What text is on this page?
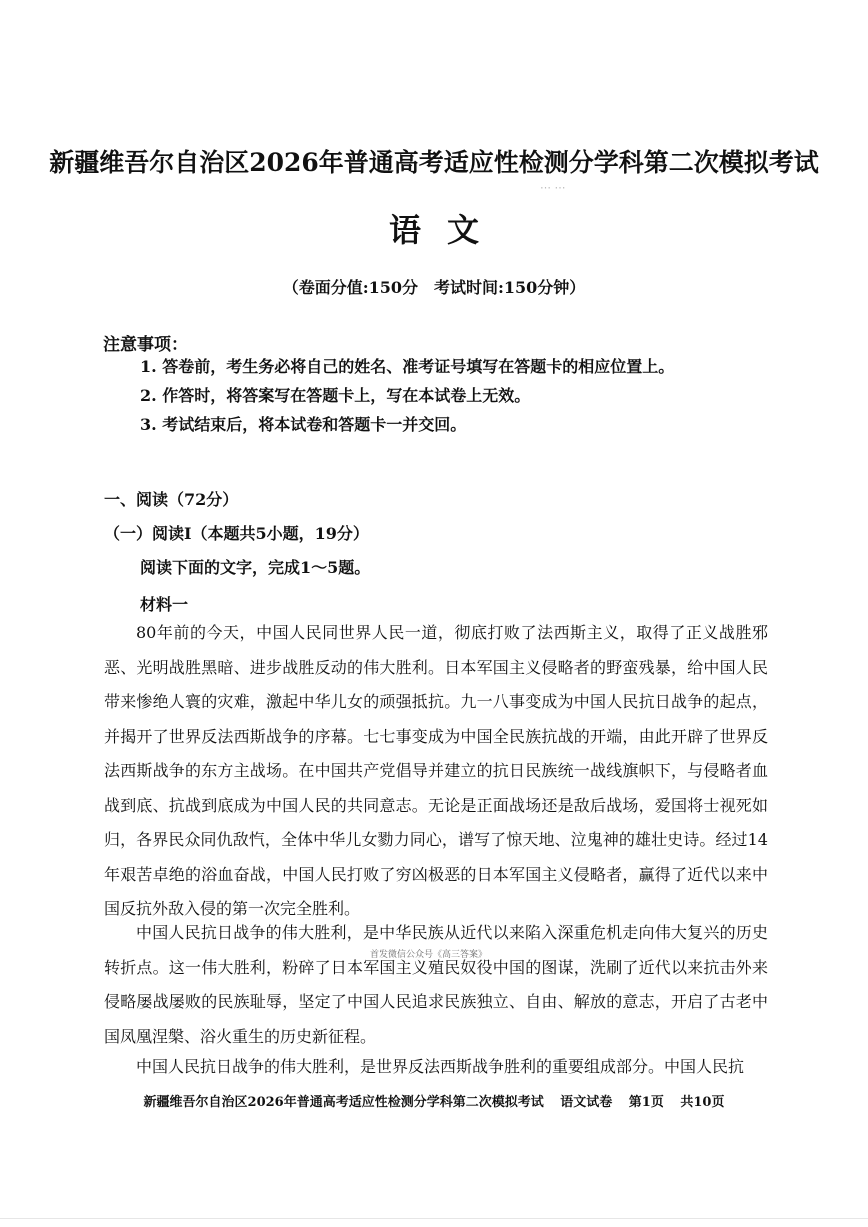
新疆维吾尔自治区2026年普通高考适应性检测分学科第二次模拟考试
⋯ ⋯
语文
（卷面分值:150分　考试时间:150分钟）
注意事项：
1. 答卷前，考生务必将自己的姓名、准考证号填写在答题卡的相应位置上。
2. 作答时，将答案写在答题卡上，写在本试卷上无效。
3. 考试结束后，将本试卷和答题卡一并交回。
一、阅读（72分）
（一）阅读Ⅰ（本题共5小题，19分）
阅读下面的文字，完成1～5题。
材料一
80年前的今天，中国人民同世界人民一道，彻底打败了法西斯主义，取得了正义战胜邪恶、光明战胜黑暗、进步战胜反动的伟大胜利。日本军国主义侵略者的野蛮残暴，给中国人民带来惨绝人寰的灾难，激起中华儿女的顽强抵抗。九一八事变成为中国人民抗日战争的起点，并揭开了世界反法西斯战争的序幕。七七事变成为中国全民族抗战的开端，由此开辟了世界反法西斯战争的东方主战场。在中国共产党倡导并建立的抗日民族统一战线旗帜下，与侵略者血战到底、抗战到底成为中国人民的共同意志。无论是正面战场还是敌后战场，爱国将士视死如归，各界民众同仇敌忾，全体中华儿女勠力同心，谱写了惊天地、泣鬼神的雄壮史诗。经过14年艰苦卓绝的浴血奋战，中国人民打败了穷凶极恶的日本军国主义侵略者，赢得了近代以来中国反抗外敌入侵的第一次完全胜利。
中国人民抗日战争的伟大胜利，是中华民族从近代以来陷入深重危机走向伟大复兴的历史转折点。这一伟大胜利，粉碎了日本军国主义殖民奴役中国的图谋，洗刷了近代以来抗击外来侵略屡战屡败的民族耻辱，坚定了中国人民追求民族独立、自由、解放的意志，开启了古老中国凤凰涅槃、浴火重生的历史新征程。
首发微信公众号《高三答案》
中国人民抗日战争的伟大胜利，是世界反法西斯战争胜利的重要组成部分。中国人民抗
新疆维吾尔自治区2026年普通高考适应性检测分学科第二次模拟考试 语文试卷 第1页 共10页
